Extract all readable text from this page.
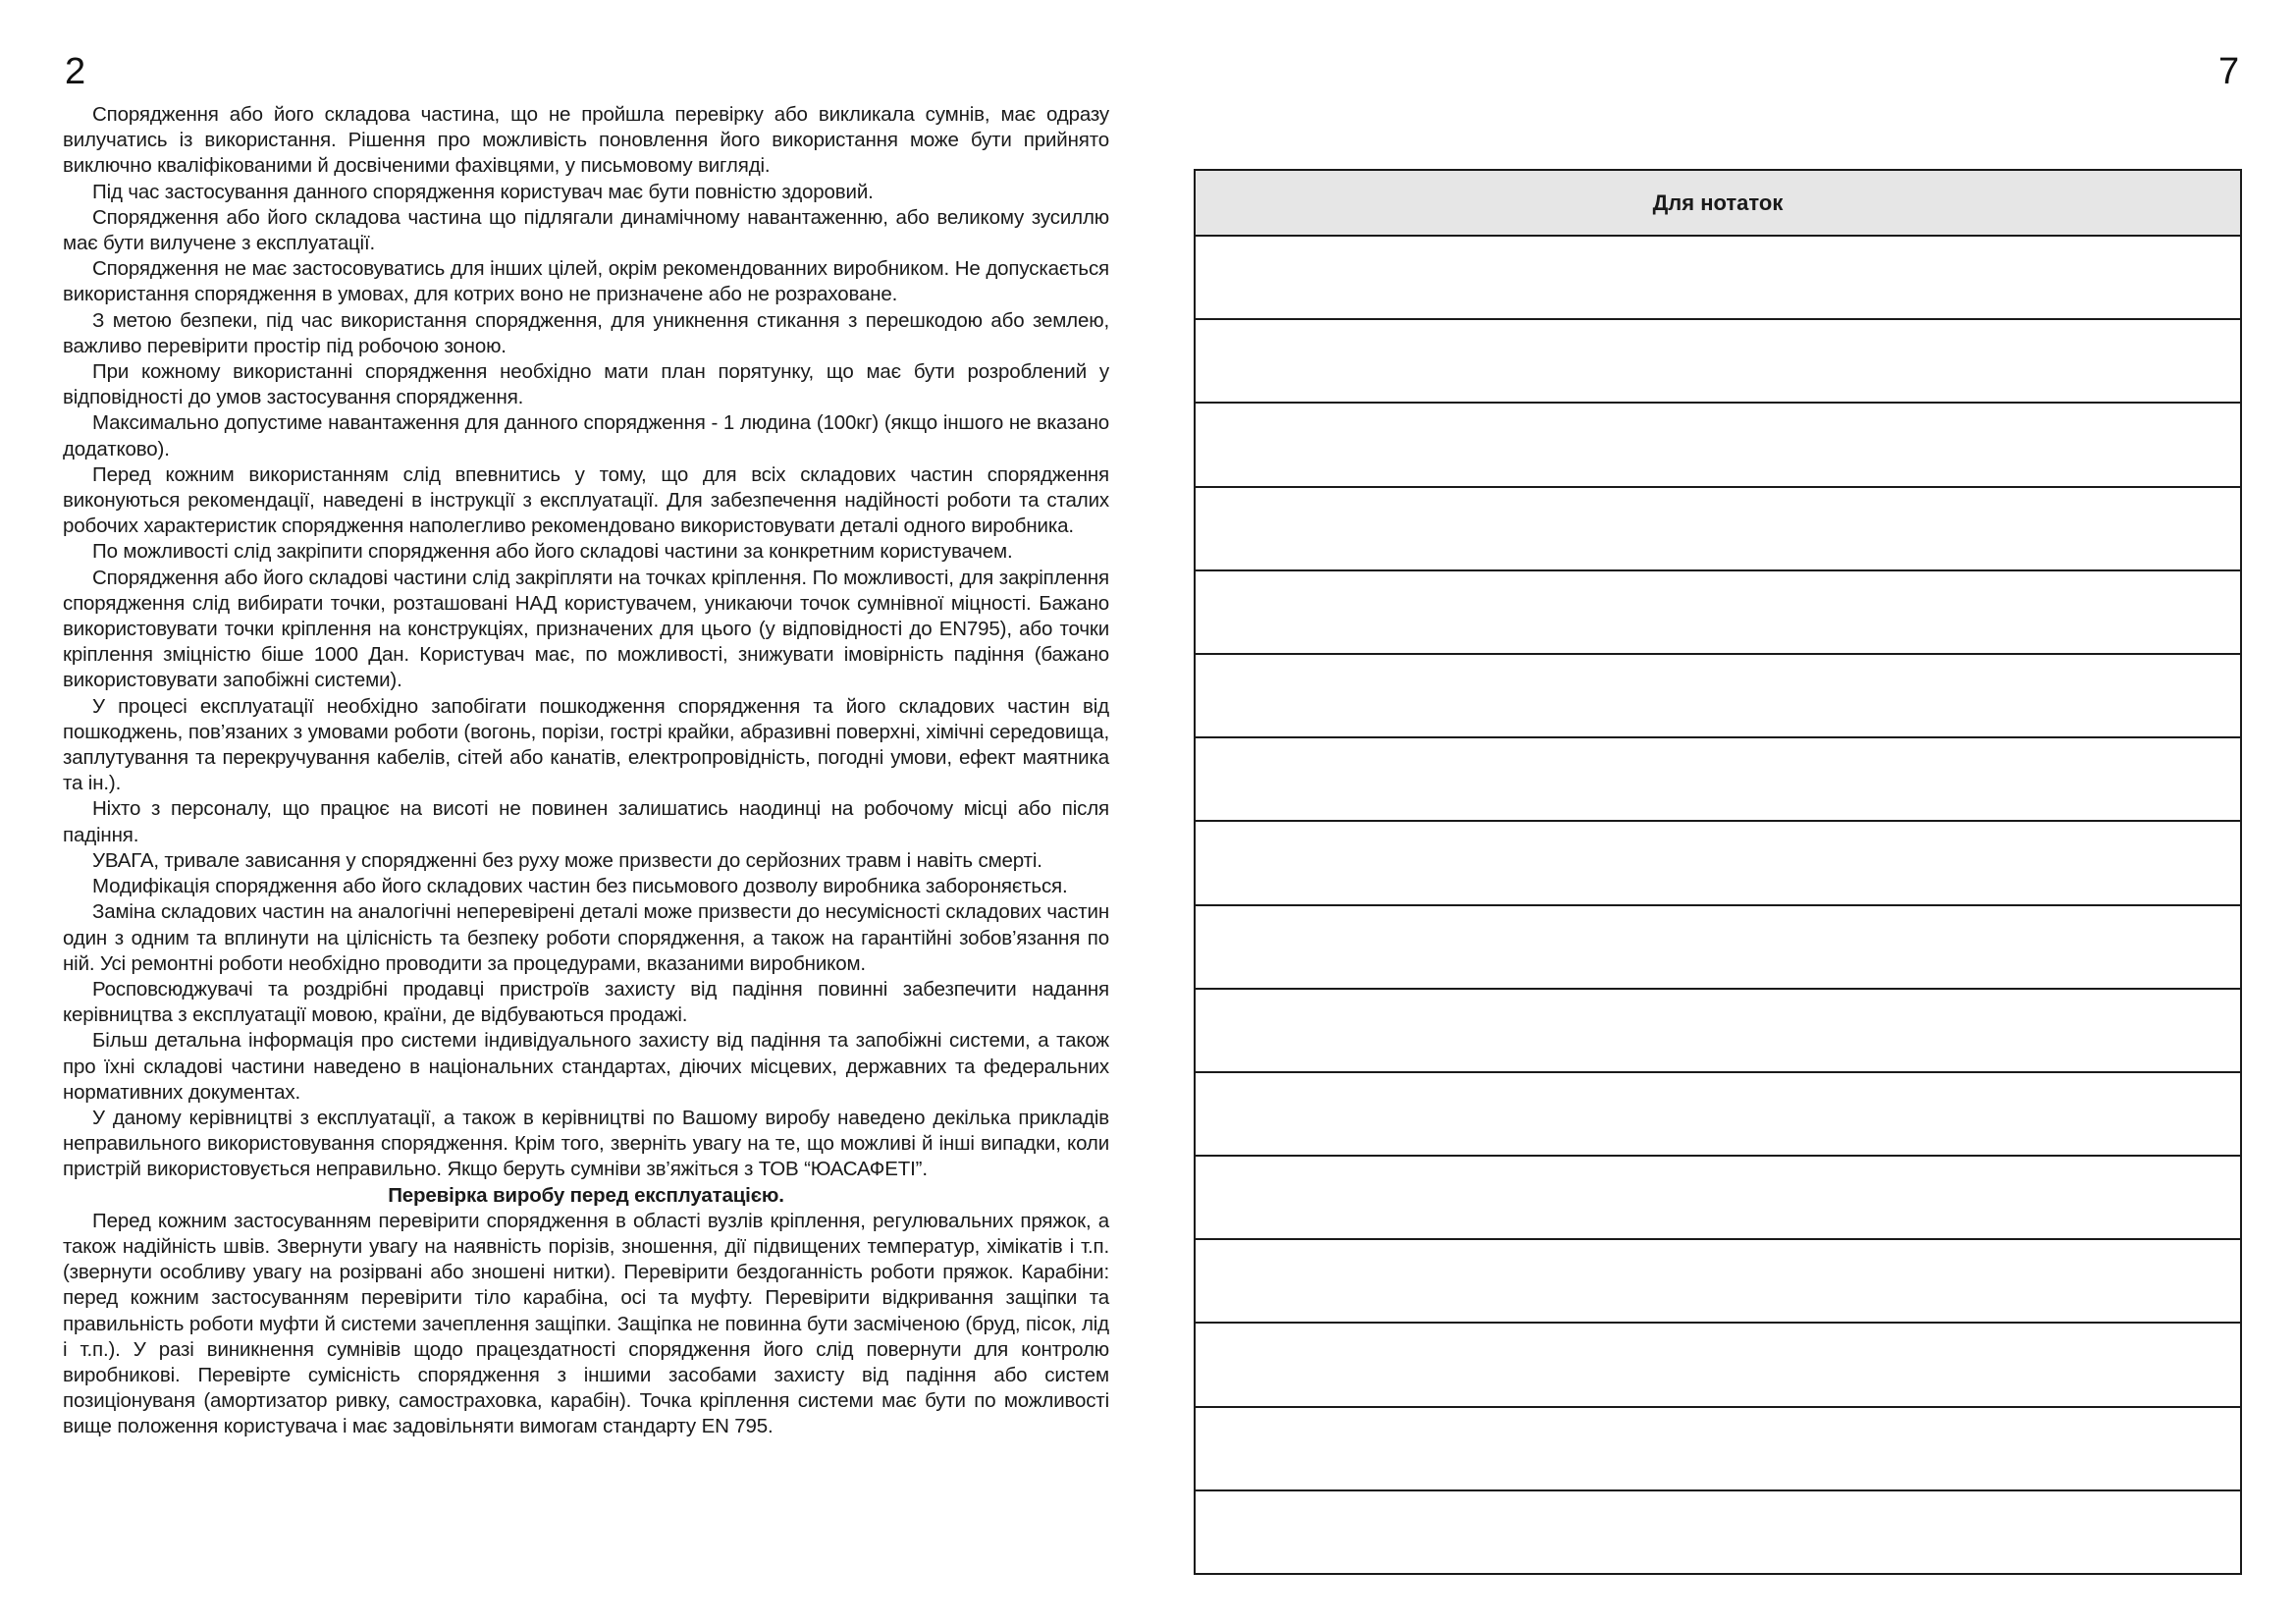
2	7

Спорядження або його складова частина, що не пройшла перевірку або викликала сумнів, має одразу вилучатись із використання. Рішення про можливість поновлення його використання може бути прийнято виключно кваліфікованими й досвіченими фахівцями, у письмовому вигляді.

Під час застосування данного спорядження користувач має бути повністю здоровий.

Спорядження або його складова частина що підлягали динамічному навантаженню, або великому зусиллю має бути вилучене з експлуатації.

Спорядження не має застосовуватись для інших цілей, окрім рекомендованних виробником. Не допускається використання спорядження в умовах, для котрих воно не призначене або не розраховане.

З метою безпеки, під час використання спорядження, для уникнення стикання з перешкодою або землею, важливо перевірити простір під робочою зоною.

При кожному використанні спорядження необхідно мати план порятунку, що має бути розроблений у відповідності до умов застосування спорядження.

Максимально допустиме навантаження для данного спорядження - 1 людина (100кг) (якщо іншого не вказано додатково).

Перед кожним використанням слід впевнитись у тому, що для всіх складових частин спорядження виконуються рекомендації, наведені в інструкції з експлуатації. Для забезпечення надійності роботи та сталих робочих характеристик спорядження наполегливо рекомендовано використовувати деталі одного виробника.

По можливості слід закріпити спорядження або його складові частини за конкретним користувачем.

Спорядження або його складові частини слід закріпляти на точках кріплення. По можливості, для закріплення спорядження слід вибирати точки, розташовані НАД користувачем, уникаючи точок сумнівної міцності. Бажано використовувати точки кріплення на конструкціях, призначених для цього (у відповідності до EN795), або точки кріплення зміцністю біше 1000 Дан. Користувач має, по можливості, знижувати імовірність падіння (бажано використовувати запобіжні системи).

У процесі експлуатації необхідно запобігати пошкодження спорядження та його складових частин від пошкоджень, пов’язаних з умовами роботи (вогонь, порізи, гострі крайки, абразивні поверхні, хімічні середовища, заплутування та перекручування кабелів, сітей або канатів, електропровідність, погодні умови, ефект маятника та ін.).

Ніхто з персоналу, що працює на висоті не повинен залишатись наодинці на робочому місці або після падіння.

УВАГА, тривале зависання у спорядженні без руху може призвести до серйозних травм і навіть смерті.

Модифікація спорядження або його складових частин без письмового дозволу виробника забороняється.

Заміна складових частин на аналогічні неперевірені деталі може призвести до несумісності складових частин один з одним та вплинути на цілісність та безпеку роботи спорядження, а також на гарантійні зобов’язання по ній. Усі ремонтні роботи необхідно проводити за процедурами, вказаними виробником.

Росповсюджувачі та роздрібні продавці пристроїв захисту від падіння повинні забезпечити надання керівництва з експлуатації мовою, країни, де відбуваються продажі.

Більш детальна інформація про системи індивідуального захисту від падіння та запобіжні системи, а також про їхні складові частини наведено в національних стандартах, діючих місцевих, державних та федеральних нормативних документах.

У даному керівництві з експлуатації, а також в керівництві по Вашому виробу наведено декілька прикладів неправильного використовування спорядження. Крім того, зверніть увагу на те, що можливі й інші випадки, коли пристрій використовується неправильно. Якщо беруть сумніви зв’яжіться з ТОВ “ЮАСАФЕТІ”.

Перевірка виробу перед експлуатацією.

Перед кожним застосуванням перевірити спорядження в області вузлів кріплення, регулювальних пряжок, а також надійність швів. Звернути увагу на наявність порізів, зношення, дії підвищених температур, хімікатів і т.п. (звернути особливу увагу на розірвані або зношені нитки). Перевірити бездоганність роботи пряжок. Карабіни: перед кожним застосуванням перевірити тіло карабіна, осі та муфту. Перевірити відкривання защіпки та правильність роботи муфти й системи зачеплення защіпки. Защіпка не повинна бути засміченою (бруд, пісок, лід і т.п.). У разі виникнення сумнівів щодо працездатності спорядження його слід повернути для контролю виробникові. Перевірте сумісність спорядження з іншими засобами захисту від падіння або систем позиціонуваня (амортизатор ривку, самостраховка, карабін). Точка кріплення системи має бути по можливості вище положення користувача і має задовільняти вимогам стандарту EN 795.

Для нотаток
